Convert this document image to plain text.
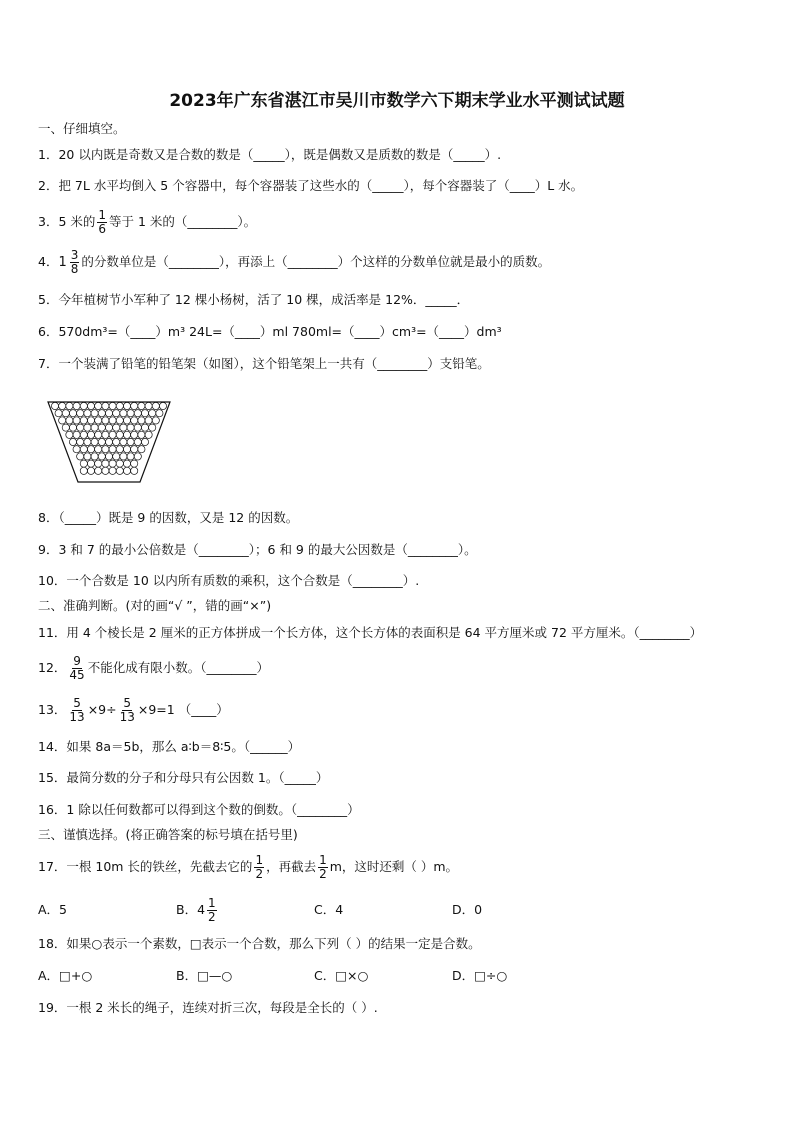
2023年广东省湛江市吴川市数学六下期末学业水平测试试题
一、仔细填空。
1．20 以内既是奇数又是合数的数是（_____），既是偶数又是质数的数是（_____）.
2．把 7L 水平均倒入 5 个容器中，每个容器装了这些水的（_____），每个容器装了（____）L 水。
3．5 米的 $\frac{1}{6}$ 等于 1 米的（________）。
4． $1 \frac{3}{8}$ 的分数单位是（________），再添上（________）个这样的分数单位就是最小的质数。
5．今年植树节小军种了 12 棵小杨树，活了 10 棵，成活率是 12%．_____．
6．570dm³=（____）m³ 24L=（____）ml 780ml=（____）cm³=（____）dm³
7．一个装满了铅笔的铅笔架（如图），这个铅笔架上一共有（________）支铅笔。
8．（_____）既是 9 的因数，又是 12 的因数。
9．3 和 7 的最小公倍数是（________）；6 和 9 的最大公因数是（________）。
10．一个合数是 10 以内所有质数的乘积，这个合数是（________）.
二、准确判断。(对的画“√ ”，错的画“×”)
11．用 4 个棱长是 2 厘米的正方体拼成一个长方体，这个长方体的表面积是 64 平方厘米或 72 平方厘米。（________）
12． $\frac{9}{45}$ 不能化成有限小数。（________）
13． $\frac{5}{13} \times 9\div \frac{5}{13} \times 9=1$ （____）
14．如果 8a＝5b，那么 a∶b＝8∶5。（______）
15．最简分数的分子和分母只有公因数 1。（_____）
16．1 除以任何数都可以得到这个数的倒数。（________）
三、谨慎选择。(将正确答案的标号填在括号里)
17．一根 10m 长的铁丝，先截去它的 $\frac{1}{2}$ ，再截去 $\frac{1}{2}$ m，这时还剩（ ）m。
A．5	B．$4 \frac{1}{2}$	C．4	D．0
18．如果○表示一个素数，□表示一个合数，那么下列（ ）的结果一定是合数。
A．□+○	B．□—○	C．□×○	D．□÷○
19．一根 2 米长的绳子，连续对折三次，每段是全长的（ ）.
